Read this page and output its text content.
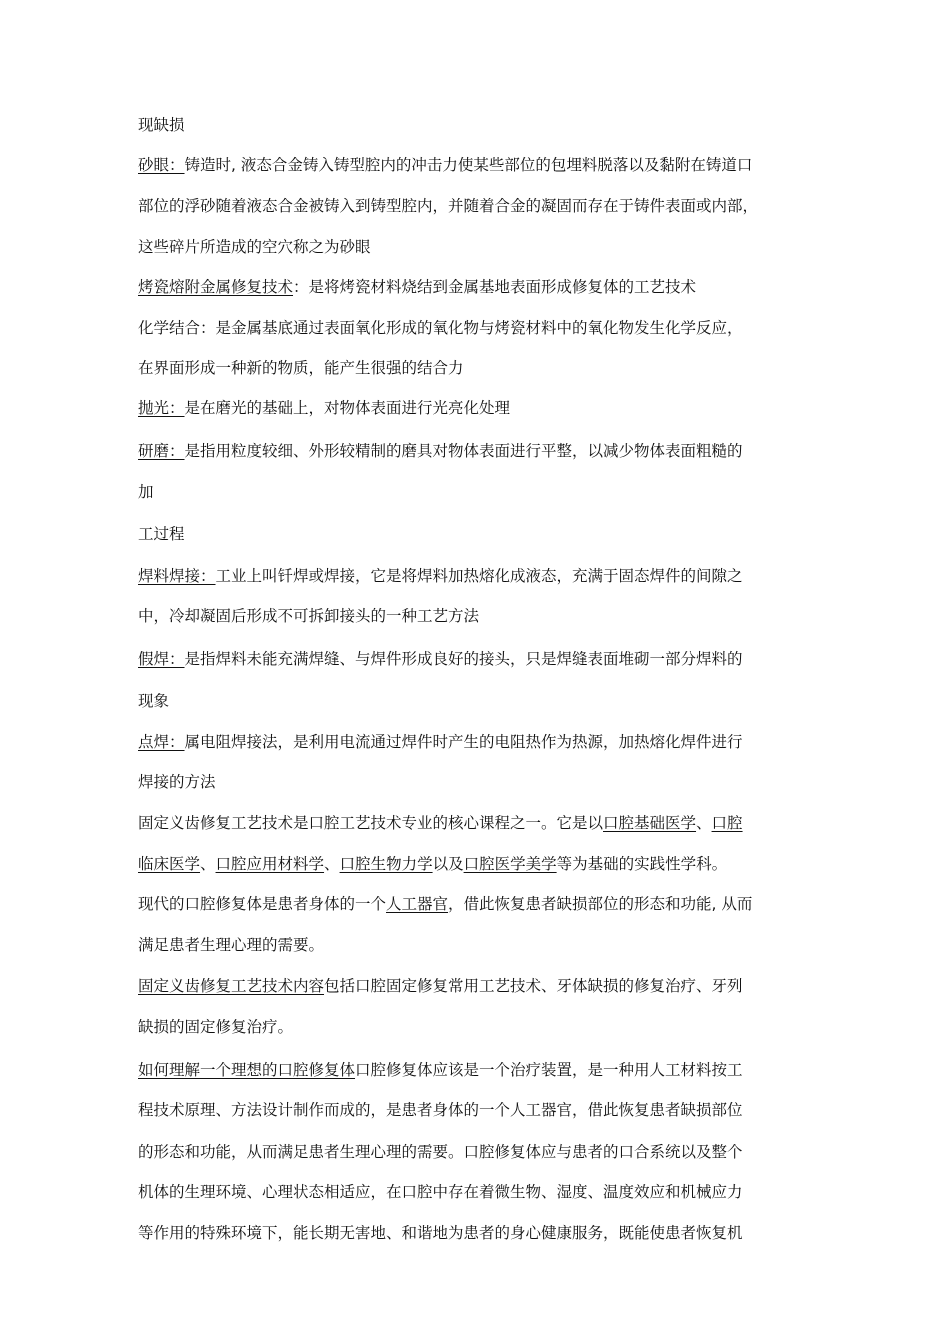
现缺损
砂眼：铸造时, 液态合金铸入铸型腔内的冲击力使某些部位的包埋料脱落以及黏附在铸道口
部位的浮砂随着液态合金被铸入到铸型腔内，并随着合金的凝固而存在于铸件表面或内部，
这些碎片所造成的空穴称之为砂眼
烤瓷熔附金属修复技术：是将烤瓷材料烧结到金属基地表面形成修复体的工艺技术
化学结合：是金属基底通过表面氧化形成的氧化物与烤瓷材料中的氧化物发生化学反应，
在界面形成一种新的物质，能产生很强的结合力
抛光：是在磨光的基础上，对物体表面进行光亮化处理
研磨：是指用粒度较细、外形较精制的磨具对物体表面进行平整，以减少物体表面粗糙的
加
工过程
焊料焊接：工业上叫钎焊或焊接，它是将焊料加热熔化成液态，充满于固态焊件的间隙之
中，冷却凝固后形成不可拆卸接头的一种工艺方法
假焊：是指焊料未能充满焊缝、与焊件形成良好的接头，只是焊缝表面堆砌一部分焊料的
现象
点焊：属电阻焊接法，是利用电流通过焊件时产生的电阻热作为热源，加热熔化焊件进行
焊接的方法
固定义齿修复工艺技术是口腔工艺技术专业的核心课程之一。它是以口腔基础医学、口腔
临床医学、口腔应用材料学、口腔生物力学以及口腔医学美学等为基础的实践性学科。
现代的口腔修复体是患者身体的一个人工器官，借此恢复患者缺损部位的形态和功能, 从而
满足患者生理心理的需要。
固定义齿修复工艺技术内容包括口腔固定修复常用工艺技术、牙体缺损的修复治疗、牙列
缺损的固定修复治疗。
如何理解一个理想的口腔修复体口腔修复体应该是一个治疗装置，是一种用人工材料按工
程技术原理、方法设计制作而成的，是患者身体的一个人工器官，借此恢复患者缺损部位
的形态和功能，从而满足患者生理心理的需要。口腔修复体应与患者的口合系统以及整个
机体的生理环境、心理状态相适应，在口腔中存在着微生物、湿度、温度效应和机械应力
等作用的特殊环境下，能长期无害地、和谐地为患者的身心健康服务，既能使患者恢复机
